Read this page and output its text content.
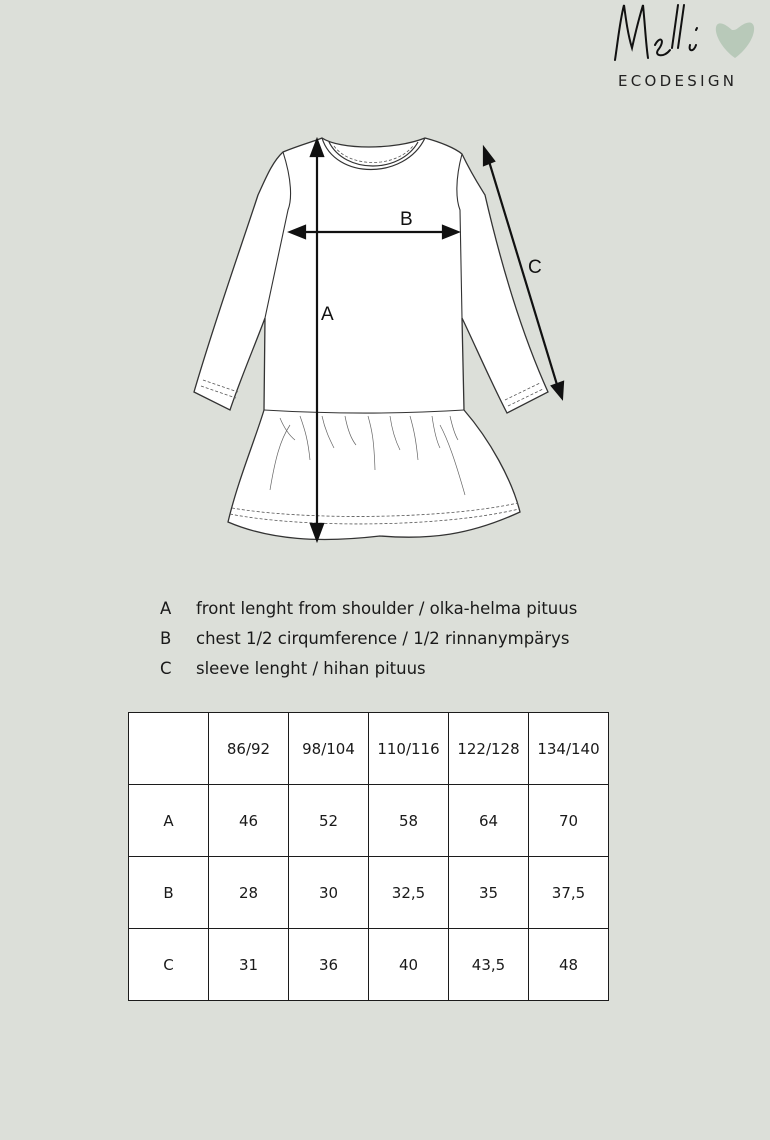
ECODESIGN
A
B
C
A	front lenght from shoulder / olka-helma pituus
B	chest 1/2 cirqumference / 1/2 rinnanympärys
C	sleeve lenght / hihan pituus
	86/92	98/104	110/116	122/128	134/140
A	46	52	58	64	70
B	28	30	32,5	35	37,5
C	31	36	40	43,5	48
